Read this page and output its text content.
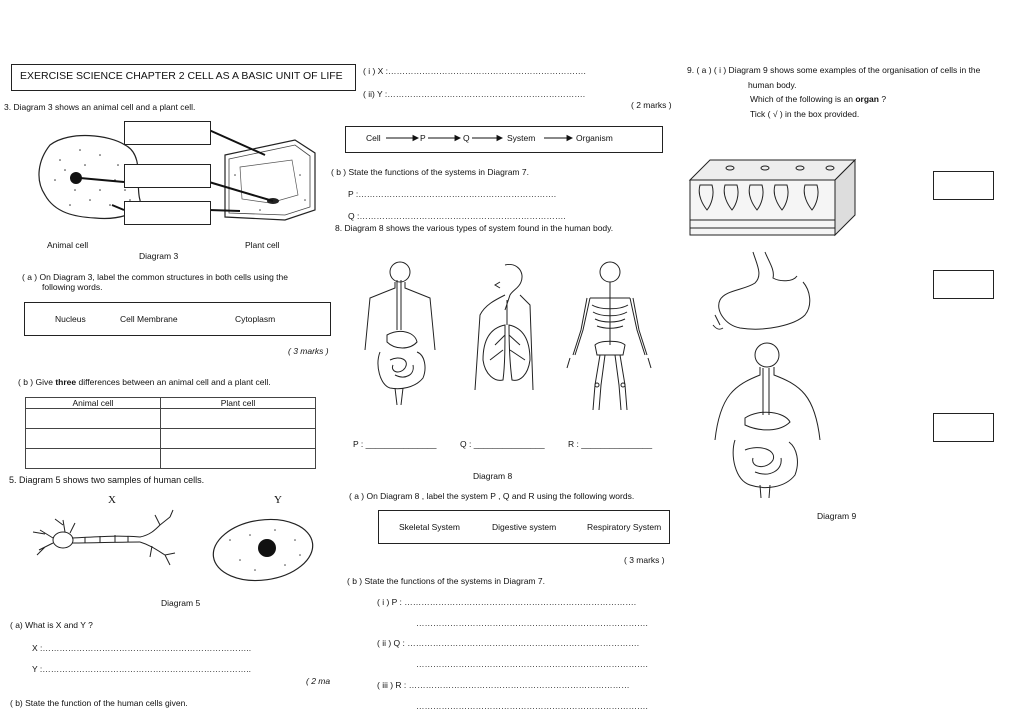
EXERCISE SCIENCE CHAPTER 2 CELL AS A BASIC UNIT OF LIFE
3. Diagram 3 shows an animal cell and a plant cell.
Animal cell	Plant cell
Diagram 3
( a ) On Diagram 3, label the common structures in both cells using the
following words.
Nucleus	Cell Membrane	Cytoplasm
( 3 marks )
( b ) Give three differences between an animal cell and a plant cell.
Animal cell	Plant cell

5. Diagram 5 shows two samples of human cells.
X	Y
Diagram 5
( a) What is X and Y ?
X :………………………………………………………………..
Y :………………………………………………………………..
( 2 ma
( b) State the function of the human cells given.
( i ) X :…………………………………………………………….
( ii) Y :…………………………………………………………….
( 2 marks )
Cell	P	Q	System	Organism
( b ) State the functions of the systems in Diagram 7.
P :…………………………………………………………….
Q :……………………………………………………………….
8. Diagram 8 shows the various types of system found in the human body.
P : _______________	Q : _______________	R : _______________
Diagram 8
( a ) On Diagram 8 , label the system P , Q and R using the following words.
Skeletal System	Digestive system	Respiratory System
( 3 marks )
( b ) State the functions of the systems in Diagram 7.
( i ) P : ……………………………………………………………………….
……………………………………………………………………….
( ii ) Q : ……………………………………………………………………….
……………………………………………………………………….
( iii ) R : ……………………………………………………………………
……………………………………………………………………….
9. ( a ) ( i ) Diagram 9 shows some examples of the organisation of cells in the
human body.
Which of the following is an organ ?
Tick ( √ ) in the box provided.
Diagram 9
